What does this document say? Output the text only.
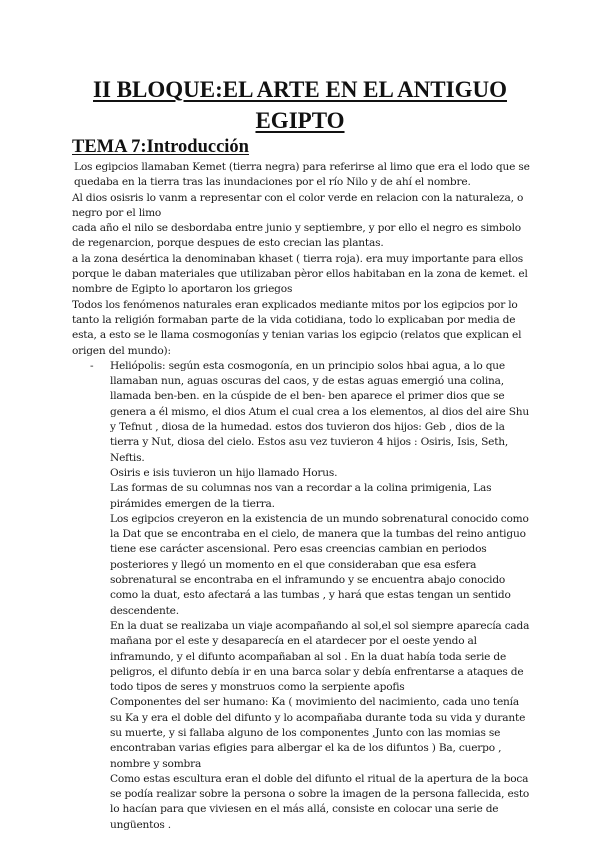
II BLOQUE:EL ARTE EN EL ANTIGUO EGIPTO
TEMA 7:Introducción

Los egipcios llamaban Kemet (tierra negra) para referirse al limo que era el lodo que se quedaba en la tierra tras las inundaciones por el río Nilo y de ahí el nombre.

Al dios osisris lo vanm a representar con el color verde en relacion con la naturaleza, o negro por el limo

cada año el nilo se desbordaba entre junio y septiembre, y por ello el negro es simbolo de regenarcion, porque despues de esto crecian las plantas.

a la zona desértica la denominaban khaset ( tierra roja). era muy importante para ellos porque le daban materiales que utilizaban pèror ellos habitaban en la zona de kemet. el nombre de Egipto lo aportaron los griegos

Todos los fenómenos naturales eran explicados mediante mitos por los egipcios por lo tanto la religión formaban parte de la vida cotidiana, todo lo explicaban por media de esta, a esto se le llama cosmogonías y tenian varias los egipcio (relatos que explican el origen del mundo):

- Heliópolis: según esta cosmogonía, en un principio solos hbai agua, a lo que llamaban nun, aguas oscuras del caos, y de estas aguas emergió una colina, llamada ben-ben. en la cúspide de el ben- ben aparece el primer dios que se genera a él mismo, el dios Atum el cual crea a los elementos, al dios del aire Shu y Tefnut , diosa de la humedad. estos dos tuvieron dos hijos: Geb , dios de la tierra y Nut, diosa del cielo. Estos asu vez tuvieron 4 hijos : Osiris, Isis, Seth, Neftis.

Osiris e isis tuvieron un hijo llamado Horus.

Las formas de su columnas nos van a recordar a la colina primigenia, Las pirámides emergen de la tierra.

Los egipcios creyeron en la existencia de un mundo sobrenatural conocido como la Dat que se encontraba en el cielo, de manera que la tumbas del reino antiguo tiene ese carácter ascensional. Pero esas creencias cambian en periodos posteriores y llegó un momento en el que consideraban que esa esfera sobrenatural se encontraba en el inframundo y se encuentra abajo conocido como la duat, esto afectará a las tumbas , y hará que estas tengan un sentido descendente.

En la duat se realizaba un viaje acompañando al sol,el sol siempre aparecía cada mañana por el este y desaparecía en el atardecer por el oeste yendo al inframundo, y el difunto acompañaban al sol . En la duat había toda serie de peligros, el difunto debía ir en una barca solar y debía enfrentarse a ataques de todo tipos de seres y monstruos como la serpiente apofis

Componentes del ser humano: Ka ( movimiento del nacimiento, cada uno tenía su Ka y era el doble del difunto y lo acompañaba durante toda su vida y durante su muerte, y si fallaba alguno de los componentes ,Junto con las momias se encontraban varias efigies para albergar el ka de los difuntos ) Ba, cuerpo , nombre y sombra

Como estas escultura eran el doble del difunto el ritual de la apertura de la boca se podía realizar sobre la persona o sobre la imagen de la persona fallecida, esto lo hacían para que viviesen en el más allá, consiste en colocar una serie de ungüentos .
